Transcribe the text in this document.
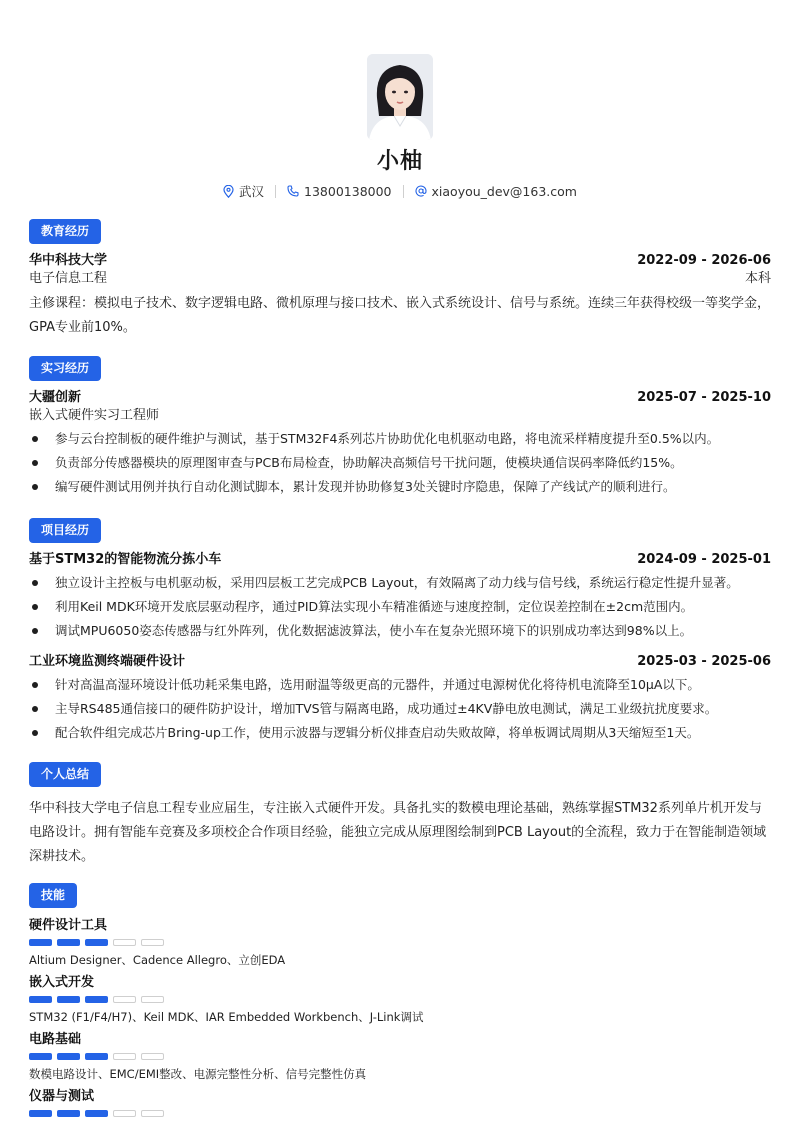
小柚
武汉	13800138000	xiaoyou_dev@163.com
教育经历
华中科技大学	2022-09 - 2026-06
电子信息工程	本科

主修课程：模拟电子技术、数字逻辑电路、微机原理与接口技术、嵌入式系统设计、信号与系统。连续三年获得校级一等奖学金，GPA专业前10%。

实习经历
大疆创新	2025-07 - 2025-10
嵌入式硬件实习工程师
参与云台控制板的硬件维护与测试，基于STM32F4系列芯片协助优化电机驱动电路，将电流采样精度提升至0.5%以内。
负责部分传感器模块的原理图审查与PCB布局检查，协助解决高频信号干扰问题，使模块通信误码率降低约15%。
编写硬件测试用例并执行自动化测试脚本，累计发现并协助修复3处关键时序隐患，保障了产线试产的顺利进行。
项目经历
基于STM32的智能物流分拣小车	2024-09 - 2025-01
独立设计主控板与电机驱动板，采用四层板工艺完成PCB Layout，有效隔离了动力线与信号线，系统运行稳定性提升显著。
利用Keil MDK环境开发底层驱动程序，通过PID算法实现小车精准循迹与速度控制，定位误差控制在±2cm范围内。
调试MPU6050姿态传感器与红外阵列，优化数据滤波算法，使小车在复杂光照环境下的识别成功率达到98%以上。
工业环境监测终端硬件设计	2025-03 - 2025-06
针对高温高湿环境设计低功耗采集电路，选用耐温等级更高的元器件，并通过电源树优化将待机电流降至10μA以下。
主导RS485通信接口的硬件防护设计，增加TVS管与隔离电路，成功通过±4KV静电放电测试，满足工业级抗扰度要求。
配合软件组完成芯片Bring-up工作，使用示波器与逻辑分析仪排查启动失败故障，将单板调试周期从3天缩短至1天。
个人总结

华中科技大学电子信息工程专业应届生，专注嵌入式硬件开发。具备扎实的数模电理论基础，熟练掌握STM32系列单片机开发与电路设计。拥有智能车竞赛及多项校企合作项目经验，能独立完成从原理图绘制到PCB Layout的全流程，致力于在智能制造领域深耕技术。

技能
硬件设计工具
Altium Designer、Cadence Allegro、立创EDA
嵌入式开发
STM32 (F1/F4/H7)、Keil MDK、IAR Embedded Workbench、J-Link调试
电路基础
数模电路设计、EMC/EMI整改、电源完整性分析、信号完整性仿真
仪器与测试
